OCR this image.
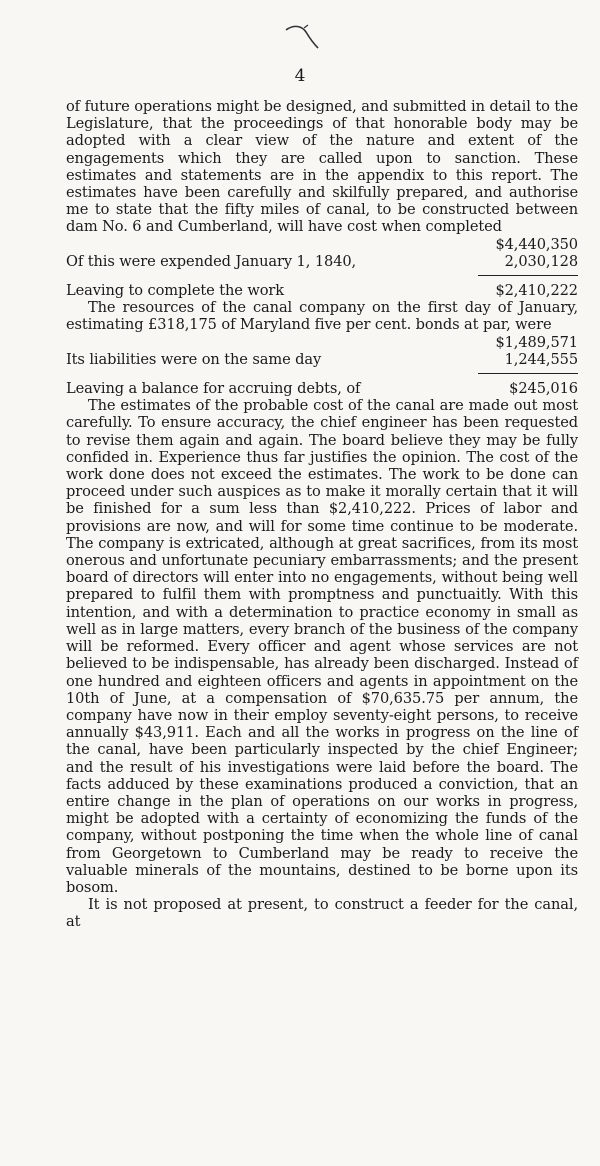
4

of future operations might be designed, and submitted in detail to the Legislature, that the proceedings of that honorable body may be adopted with a clear view of the nature and extent of the engagements which they are called upon to sanction. These estimates and statements are in the appendix to this report. The estimates have been carefully and skilfully prepared, and authorise me to state that the fifty miles of canal, to be constructed between dam No. 6 and Cumberland, will have cost when completed

$4,440,350
Of this were expended January 1, 1840,	2,030,128
Leaving to complete the work	$2,410,222

The resources of the canal company on the first day of January, estimating £318,175 of Maryland five per cent. bonds at par, were

$1,489,571
Its liabilities were on the same day	1,244,555
Leaving a balance for accruing debts, of	$245,016

The estimates of the probable cost of the canal are made out most carefully. To ensure accuracy, the chief engineer has been requested to revise them again and again. The board believe they may be fully confided in. Experience thus far justifies the opinion. The cost of the work done does not exceed the estimates. The work to be done can proceed under such auspices as to make it morally certain that it will be finished for a sum less than $2,410,222. Prices of labor and provisions are now, and will for some time continue to be moderate. The company is extricated, although at great sacrifices, from its most onerous and unfortunate pecuniary embarrassments; and the present board of directors will enter into no engagements, without being well prepared to fulfil them with promptness and punctuaitly. With this intention, and with a determination to practice economy in small as well as in large matters, every branch of the business of the company will be reformed. Every officer and agent whose services are not believed to be indispensable, has already been discharged. Instead of one hundred and eighteen officers and agents in appointment on the 10th of June, at a compensation of $70,635.75 per annum, the company have now in their employ seventy-eight persons, to receive annually $43,911. Each and all the works in progress on the line of the canal, have been particularly inspected by the chief Engineer; and the result of his investigations were laid before the board. The facts adduced by these examinations produced a conviction, that an entire change in the plan of operations on our works in progress, might be adopted with a certainty of economizing the funds of the company, without postponing the time when the whole line of canal from Georgetown to Cumberland may be ready to receive the valuable minerals of the mountains, destined to be borne upon its bosom.

It is not proposed at present, to construct a feeder for the canal, at
